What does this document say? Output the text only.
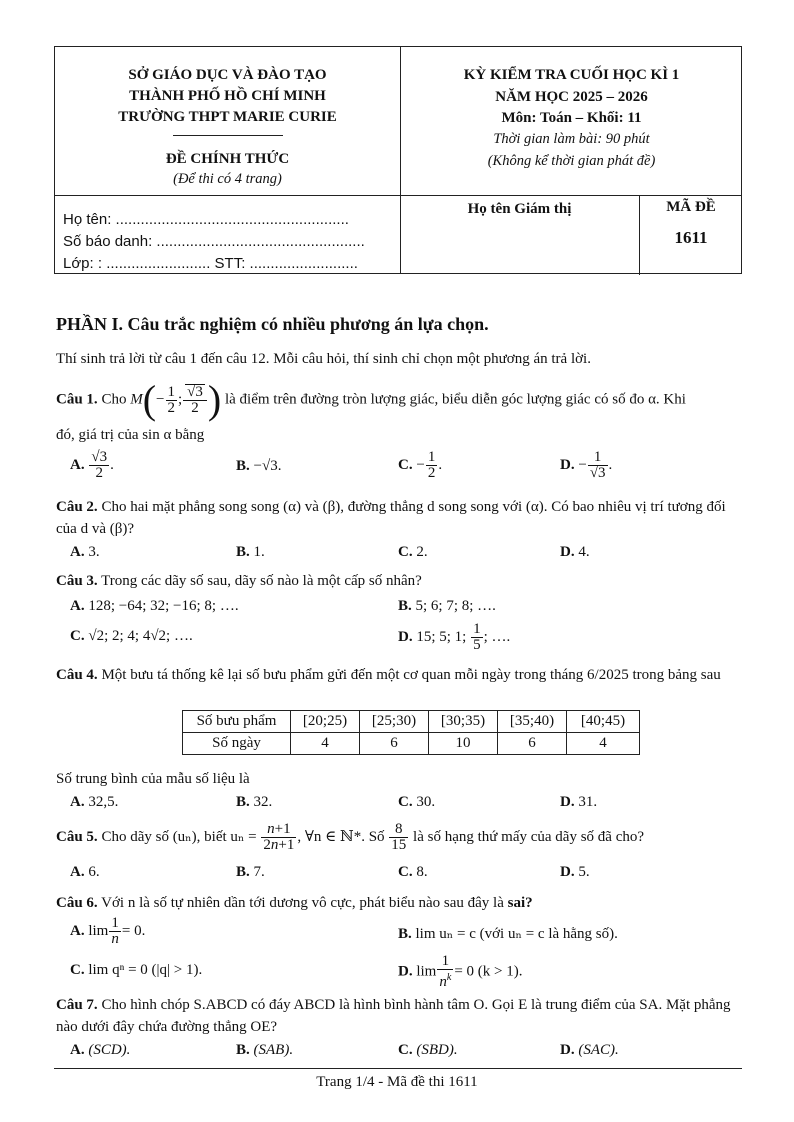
SỞ GIÁO DỤC VÀ ĐÀO TẠO
THÀNH PHỐ HỒ CHÍ MINH
TRƯỜNG THPT MARIE CURIE
ĐỀ CHÍNH THỨC
(Để thi có 4 trang)
KỲ KIỂM TRA CUỐI HỌC KÌ 1
NĂM HỌC 2025 – 2026
Môn: Toán – Khối: 11
Thời gian làm bài: 90 phút
(Không kể thời gian phát đề)
Họ tên: ........................................................
Số báo danh: ..................................................
Lớp: : ......................... STT: ..........................
Họ tên Giám thị	MÃ ĐỀ
1611
PHẦN I. Câu trắc nghiệm có nhiều phương án lựa chọn.
Thí sinh trả lời từ câu 1 đến câu 12. Mỗi câu hỏi, thí sinh chỉ chọn một phương án trả lời.
Câu 1. Cho $M(- \frac{1}{2}$ ; $\frac{√3}{2}$ ) là điểm trên đường tròn lượng giác, biểu diễn góc lượng giác có số đo α. Khi
đó, giá trị của sin α bằng
A. $\frac{√3}{2}$ .	B. −√3.	C. − $\frac{1}{2}$ .	D. − $\frac{1}{√3}$ .
Câu 2. Cho hai mặt phẳng song song (α) và (β), đường thẳng d song song với (α). Có bao nhiêu vị trí tương đối của d và (β)?
A. 3.	B. 1.	C. 2.	D. 4.
Câu 3. Trong các dãy số sau, dãy số nào là một cấp số nhân?
A. 128; −64; 32; −16; 8; ….	B. 5; 6; 7; 8; ….
C. √2; 2; 4; 4√2; ….	D. 15; 5; 1; $\frac{1}{5}$ ; ….
Câu 4. Một bưu tá thống kê lại số bưu phẩm gửi đến một cơ quan mỗi ngày trong tháng 6/2025 trong bảng sau
Số bưu phẩm	[20;25)	[25;30)	[30;35)	[35;40)	[40;45)
Số ngày	4	6	10	6	4
Số trung bình của mẫu số liệu là
A. 32,5.	B. 32.	C. 30.	D. 31.
Câu 5. Cho dãy số (uₙ), biết $u_n = \frac{n+1}{2n+1}$ , ∀n ∈ ℕ*. Số $\frac{8}{15}$ là số hạng thứ mấy của dãy số đã cho?
A. 6.	B. 7.	C. 8.	D. 5.
Câu 6. Với n là số tự nhiên dần tới dương vô cực, phát biểu nào sau đây là sai?
A. $\lim \frac{1}{n} = 0$.	B. lim uₙ = c (với uₙ = c là hằng số).
C. lim qⁿ = 0 (|q| > 1).	D. $\lim \frac{1}{n^k} = 0$ (k > 1).
Câu 7. Cho hình chóp S.ABCD có đáy ABCD là hình bình hành tâm O. Gọi E là trung điểm của SA. Mặt phẳng nào dưới đây chứa đường thẳng OE?
A. (SCD).	B. (SAB).	C. (SBD).	D. (SAC).
Trang 1/4 - Mã đề thi 1611
